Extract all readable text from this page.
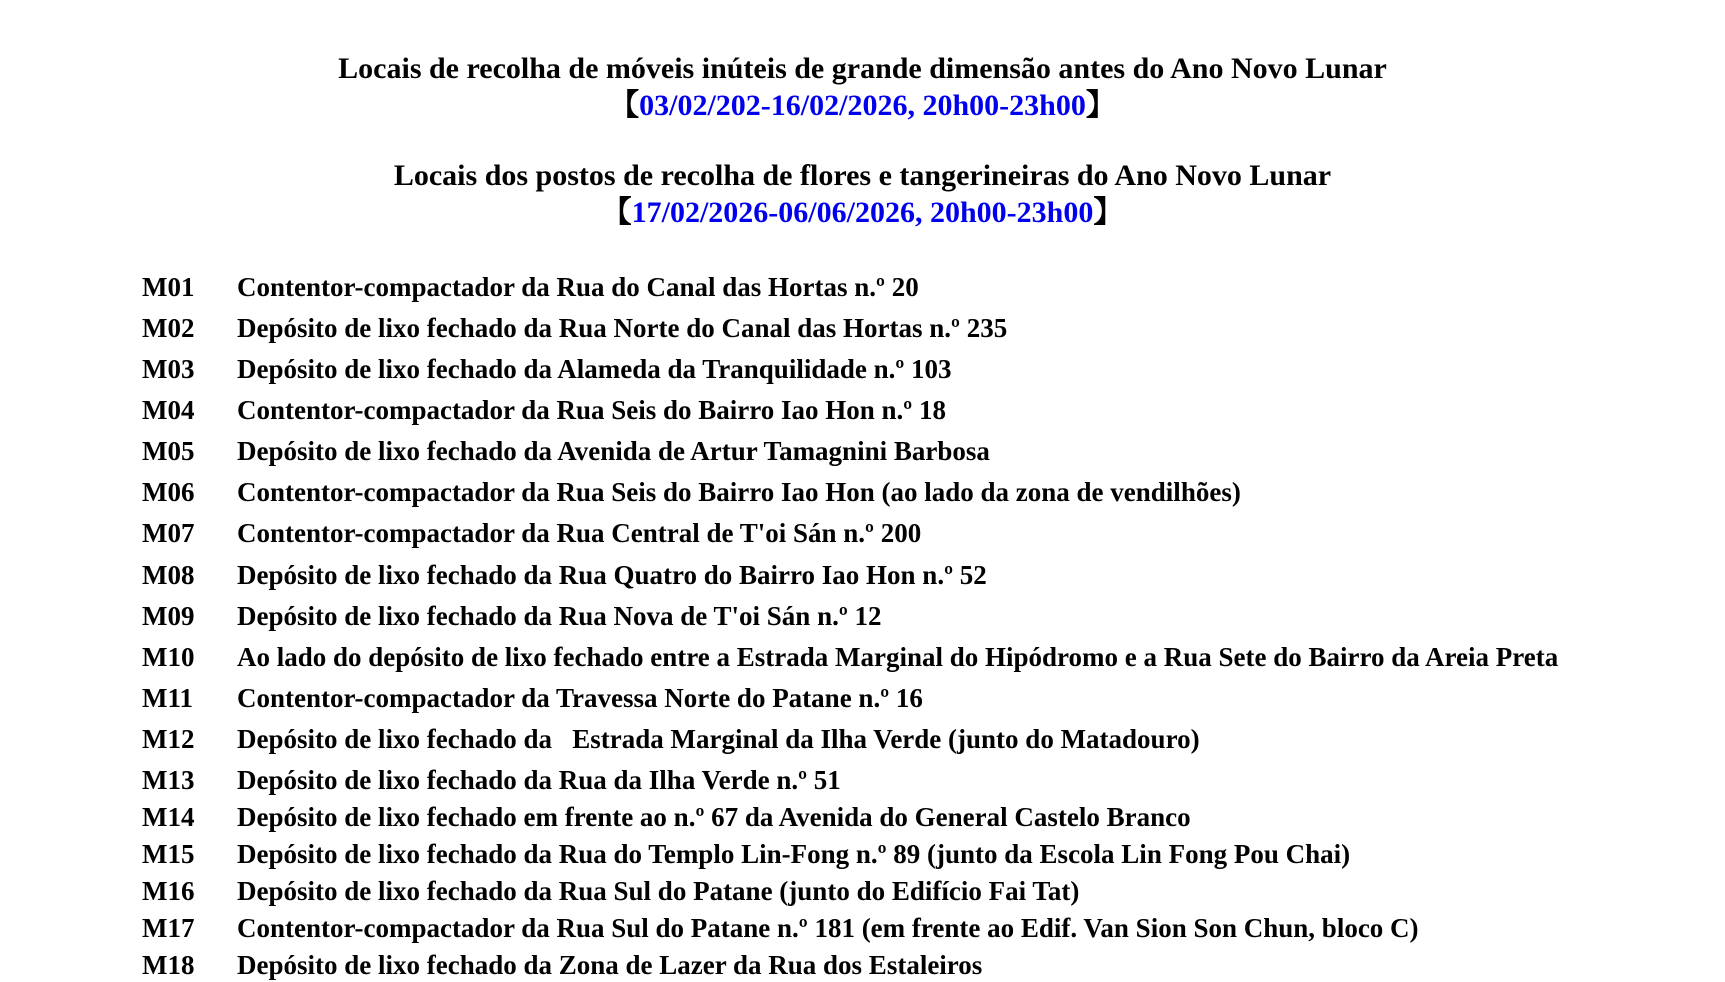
Locais de recolha de móveis inúteis de grande dimensão antes do Ano Novo Lunar
【03/02/202-16/02/2026, 20h00-23h00】
Locais dos postos de recolha de flores e tangerineiras do Ano Novo Lunar
【17/02/2026-06/06/2026, 20h00-23h00】
M01 Contentor-compactador da Rua do Canal das Hortas n.º 20
M02 Depósito de lixo fechado da Rua Norte do Canal das Hortas n.º 235
M03 Depósito de lixo fechado da Alameda da Tranquilidade n.º 103
M04 Contentor-compactador da Rua Seis do Bairro Iao Hon n.º 18
M05 Depósito de lixo fechado da Avenida de Artur Tamagnini Barbosa
M06 Contentor-compactador da Rua Seis do Bairro Iao Hon (ao lado da zona de vendilhões)
M07 Contentor-compactador da Rua Central de T'oi Sán n.º 200
M08 Depósito de lixo fechado da Rua Quatro do Bairro Iao Hon n.º 52
M09 Depósito de lixo fechado da Rua Nova de T'oi Sán n.º 12
M10 Ao lado do depósito de lixo fechado entre a Estrada Marginal do Hipódromo e a Rua Sete do Bairro da Areia Preta
M11 Contentor-compactador da Travessa Norte do Patane n.º 16
M12 Depósito de lixo fechado da   Estrada Marginal da Ilha Verde (junto do Matadouro)
M13 Depósito de lixo fechado da Rua da Ilha Verde n.º 51
M14 Depósito de lixo fechado em frente ao n.º 67 da Avenida do General Castelo Branco
M15 Depósito de lixo fechado da Rua do Templo Lin-Fong n.º 89 (junto da Escola Lin Fong Pou Chai)
M16 Depósito de lixo fechado da Rua Sul do Patane (junto do Edifício Fai Tat)
M17 Contentor-compactador da Rua Sul do Patane n.º 181 (em frente ao Edif. Van Sion Son Chun, bloco C)
M18 Depósito de lixo fechado da Zona de Lazer da Rua dos Estaleiros
